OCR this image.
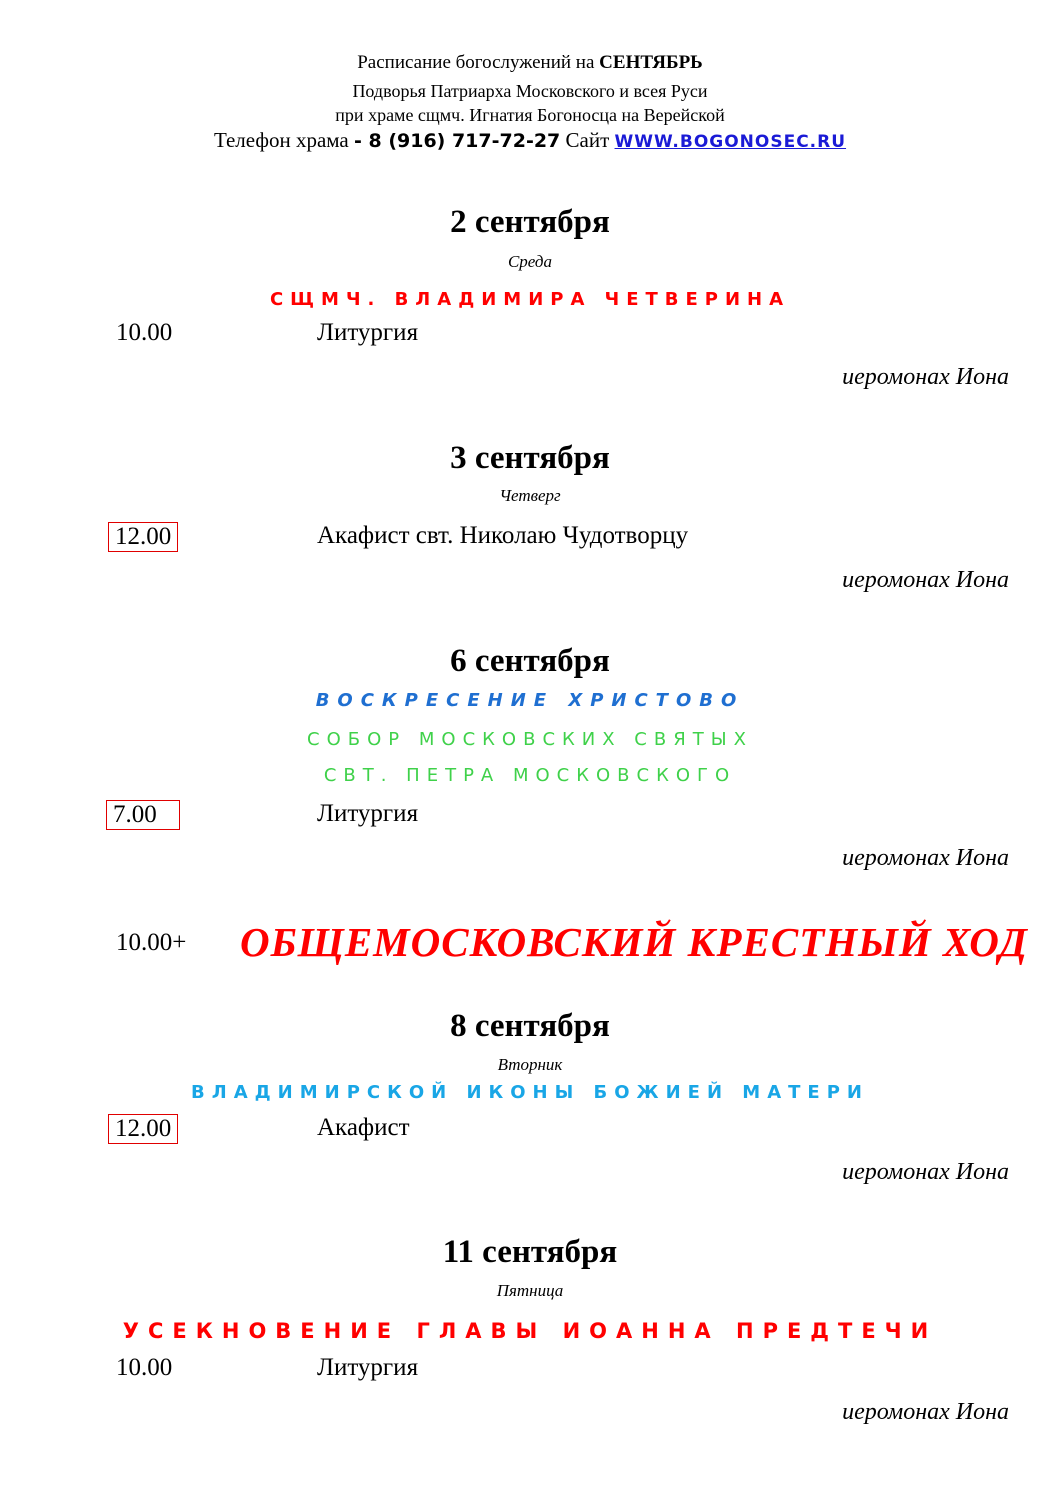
Расписание богослужений на СЕНТЯБРЬ
Подворья Патриарха Московского и всея Руси
при храме сщмч. Игнатия Богоносца на Верейской
Телефон храма - 8 (916) 717-72-27 Сайт WWW.BOGONOSEC.RU
2 сентября
Среда
СЩМЧ. ВЛАДИМИРА ЧЕТВЕРИНА
10.00	Литургия
иеромонах Иона
3 сентября
Четверг
12.00	Акафист свт. Николаю Чудотворцу
иеромонах Иона
6 сентября
ВОСКРЕСЕНИЕ ХРИСТОВО
СОБОР МОСКОВСКИХ СВЯТЫХ
СВТ. ПЕТРА МОСКОВСКОГО
7.00	Литургия
иеромонах Иона
10.00+ ОБЩЕМОСКОВСКИЙ КРЕСТНЫЙ ХОД
8 сентября
Вторник
ВЛАДИМИРСКОЙ ИКОНЫ БОЖИЕЙ МАТЕРИ
12.00	Акафист
иеромонах Иона
11 сентября
Пятница
УСЕКНОВЕНИЕ ГЛАВЫ ИОАННА ПРЕДТЕЧИ
10.00	Литургия
иеромонах Иона
